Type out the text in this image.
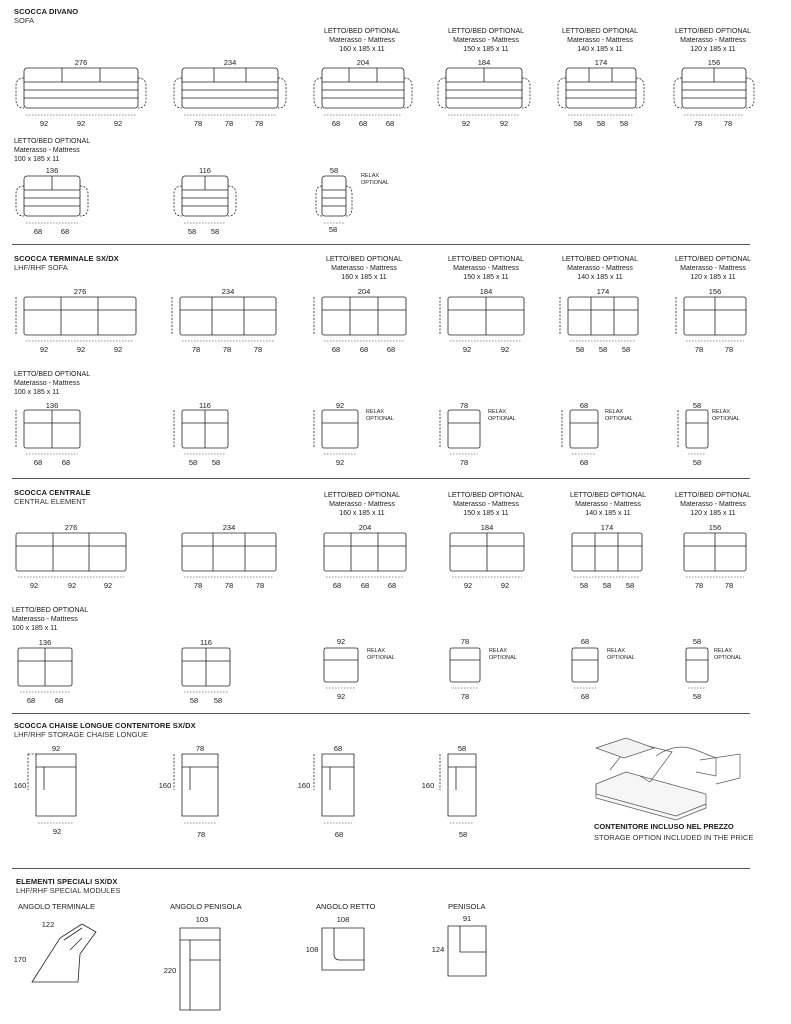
SCOCCA DIVANO
SOFA
LETTO/BED OPTIONAL
Materasso - Mattress
160 x 185 x 11
LETTO/BED OPTIONAL
Materasso - Mattress
150 x 185 x 11
LETTO/BED OPTIONAL
Materasso - Mattress
140 x 185 x 11
LETTO/BED OPTIONAL
Materasso - Mattress
120 x 185 x 11
276	234	204	184	174	156
92	92	92	78	78	78	68	68	68	92	92	58	58	58	78	78
LETTO/BED OPTIONAL
Materasso - Mattress
100 x 185 x 11
136	116	58
RELAX
OPTIONAL
68	68	58	58	58
SCOCCA TERMINALE SX/DX
LHF/RHF SOFA
LETTO/BED OPTIONAL
Materasso - Mattress
160 x 185 x 11
LETTO/BED OPTIONAL
Materasso - Mattress
150 x 185 x 11
LETTO/BED OPTIONAL
Materasso - Mattress
140 x 185 x 11
LETTO/BED OPTIONAL
Materasso - Mattress
120 x 185 x 11
276	234	204	184	174	156
92	92	92	78	78	78	68	68	68	92	92	58	58	58	78	78
LETTO/BED OPTIONAL
Materasso - Mattress
100 x 185 x 11
136	116	92	78	68	58
RELAX
OPTIONAL
RELAX
OPTIONAL
RELAX
OPTIONAL
RELAX
OPTIONAL
68	68	58	58	92	78	68	58
SCOCCA CENTRALE
CENTRAL ELEMENT
LETTO/BED OPTIONAL
Materasso - Mattress
160 x 185 x 11
LETTO/BED OPTIONAL
Materasso - Mattress
150 x 185 x 11
LETTO/BED OPTIONAL
Materasso - Mattress
140 x 185 x 11
LETTO/BED OPTIONAL
Materasso - Mattress
120 x 185 x 11
276	234	204	184	174	156
92	92	92	78	78	78	68	68	68	92	92	58	58	58	78	78
LETTO/BED OPTIONAL
Materasso - Mattress
100 x 185 x 11
136	116	92	78	68	58
RELAX
OPTIONAL
RELAX
OPTIONAL
RELAX
OPTIONAL
RELAX
OPTIONAL
68	68	58	58	92	78	68	58
SCOCCA CHAISE LONGUE CONTENITORE SX/DX
LHF/RHF STORAGE CHAISE LONGUE
92	78	68	58
160	160	160	160
92	78	68	58
CONTENITORE INCLUSO NEL PREZZO
STORAGE OPTION INCLUDED IN THE PRICE
ELEMENTI SPECIALI SX/DX
LHF/RHF SPECIAL MODULES
ANGOLO TERMINALE	ANGOLO PENISOLA	ANGOLO RETTO	PENISOLA
122
170
103
220
108
108
91
124
